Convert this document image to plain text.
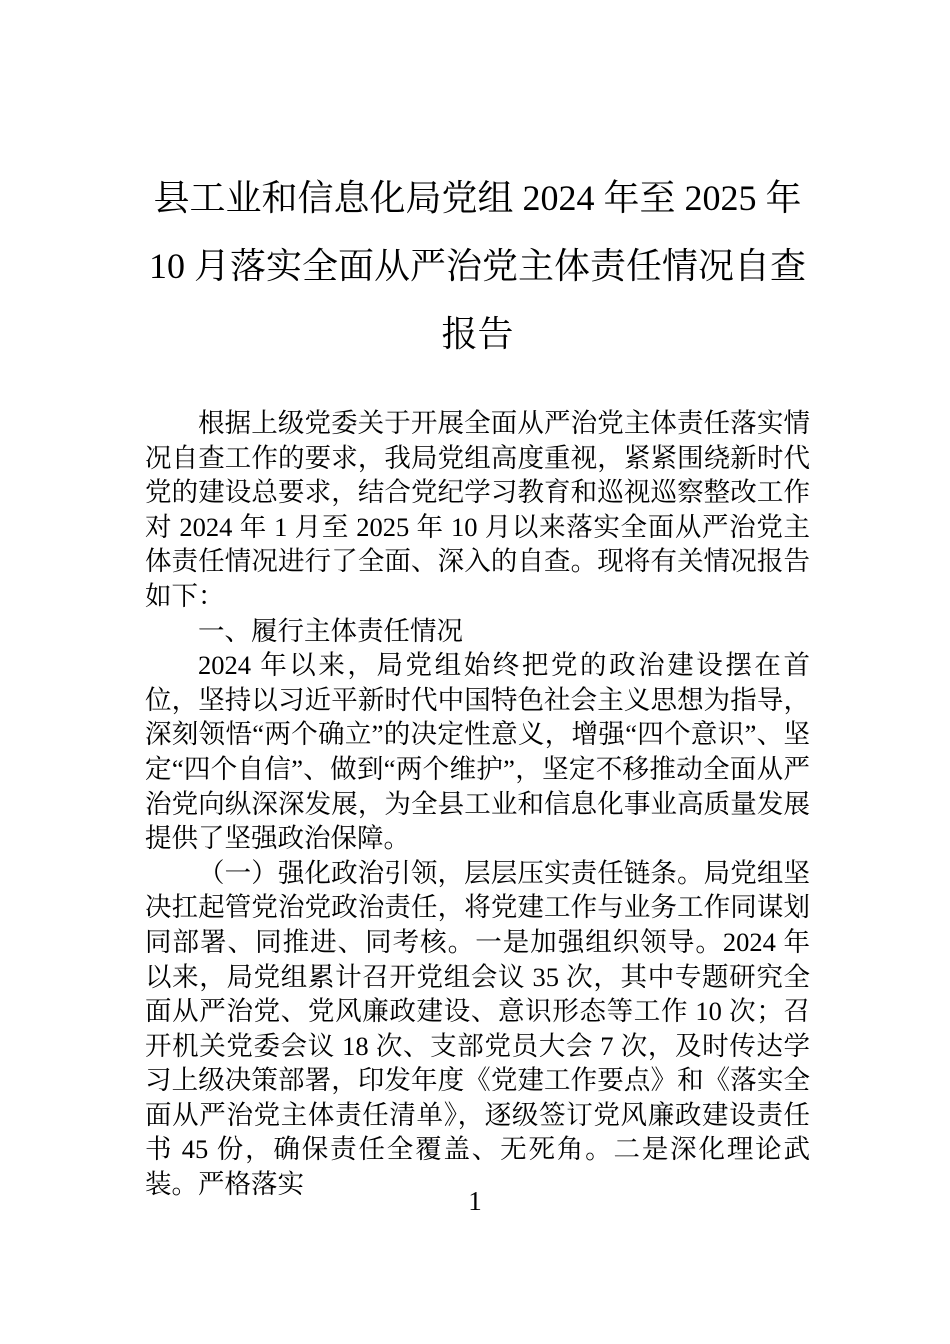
县工业和信息化局党组 2024 年至 2025 年
10 月落实全面从严治党主体责任情况自查
报告

根据上级党委关于开展全面从严治党主体责任落实情况自查工作的要求，我局党组高度重视，紧紧围绕新时代党的建设总要求，结合党纪学习教育和巡视巡察整改工作对 2024 年 1 月至 2025 年 10 月以来落实全面从严治党主体责任情况进行了全面、深入的自查。现将有关情况报告如下：

一、履行主体责任情况

2024 年以来，局党组始终把党的政治建设摆在首位，坚持以习近平新时代中国特色社会主义思想为指导，深刻领悟“两个确立”的决定性意义，增强“四个意识”、坚定“四个自信”、做到“两个维护”，坚定不移推动全面从严治党向纵深深发展，为全县工业和信息化事业高质量发展提供了坚强政治保障。

（一）强化政治引领，层层压实责任链条。局党组坚决扛起管党治党政治责任，将党建工作与业务工作同谋划同部署、同推进、同考核。一是加强组织领导。2024 年以来，局党组累计召开党组会议 35 次，其中专题研究全面从严治党、党风廉政建设、意识形态等工作 10 次；召开机关党委会议 18 次、支部党员大会 7 次，及时传达学习上级决策部署，印发年度《党建工作要点》和《落实全面从严治党主体责任清单》，逐级签订党风廉政建设责任书 45 份，确保责任全覆盖、无死角。二是深化理论武装。严格落实

1
